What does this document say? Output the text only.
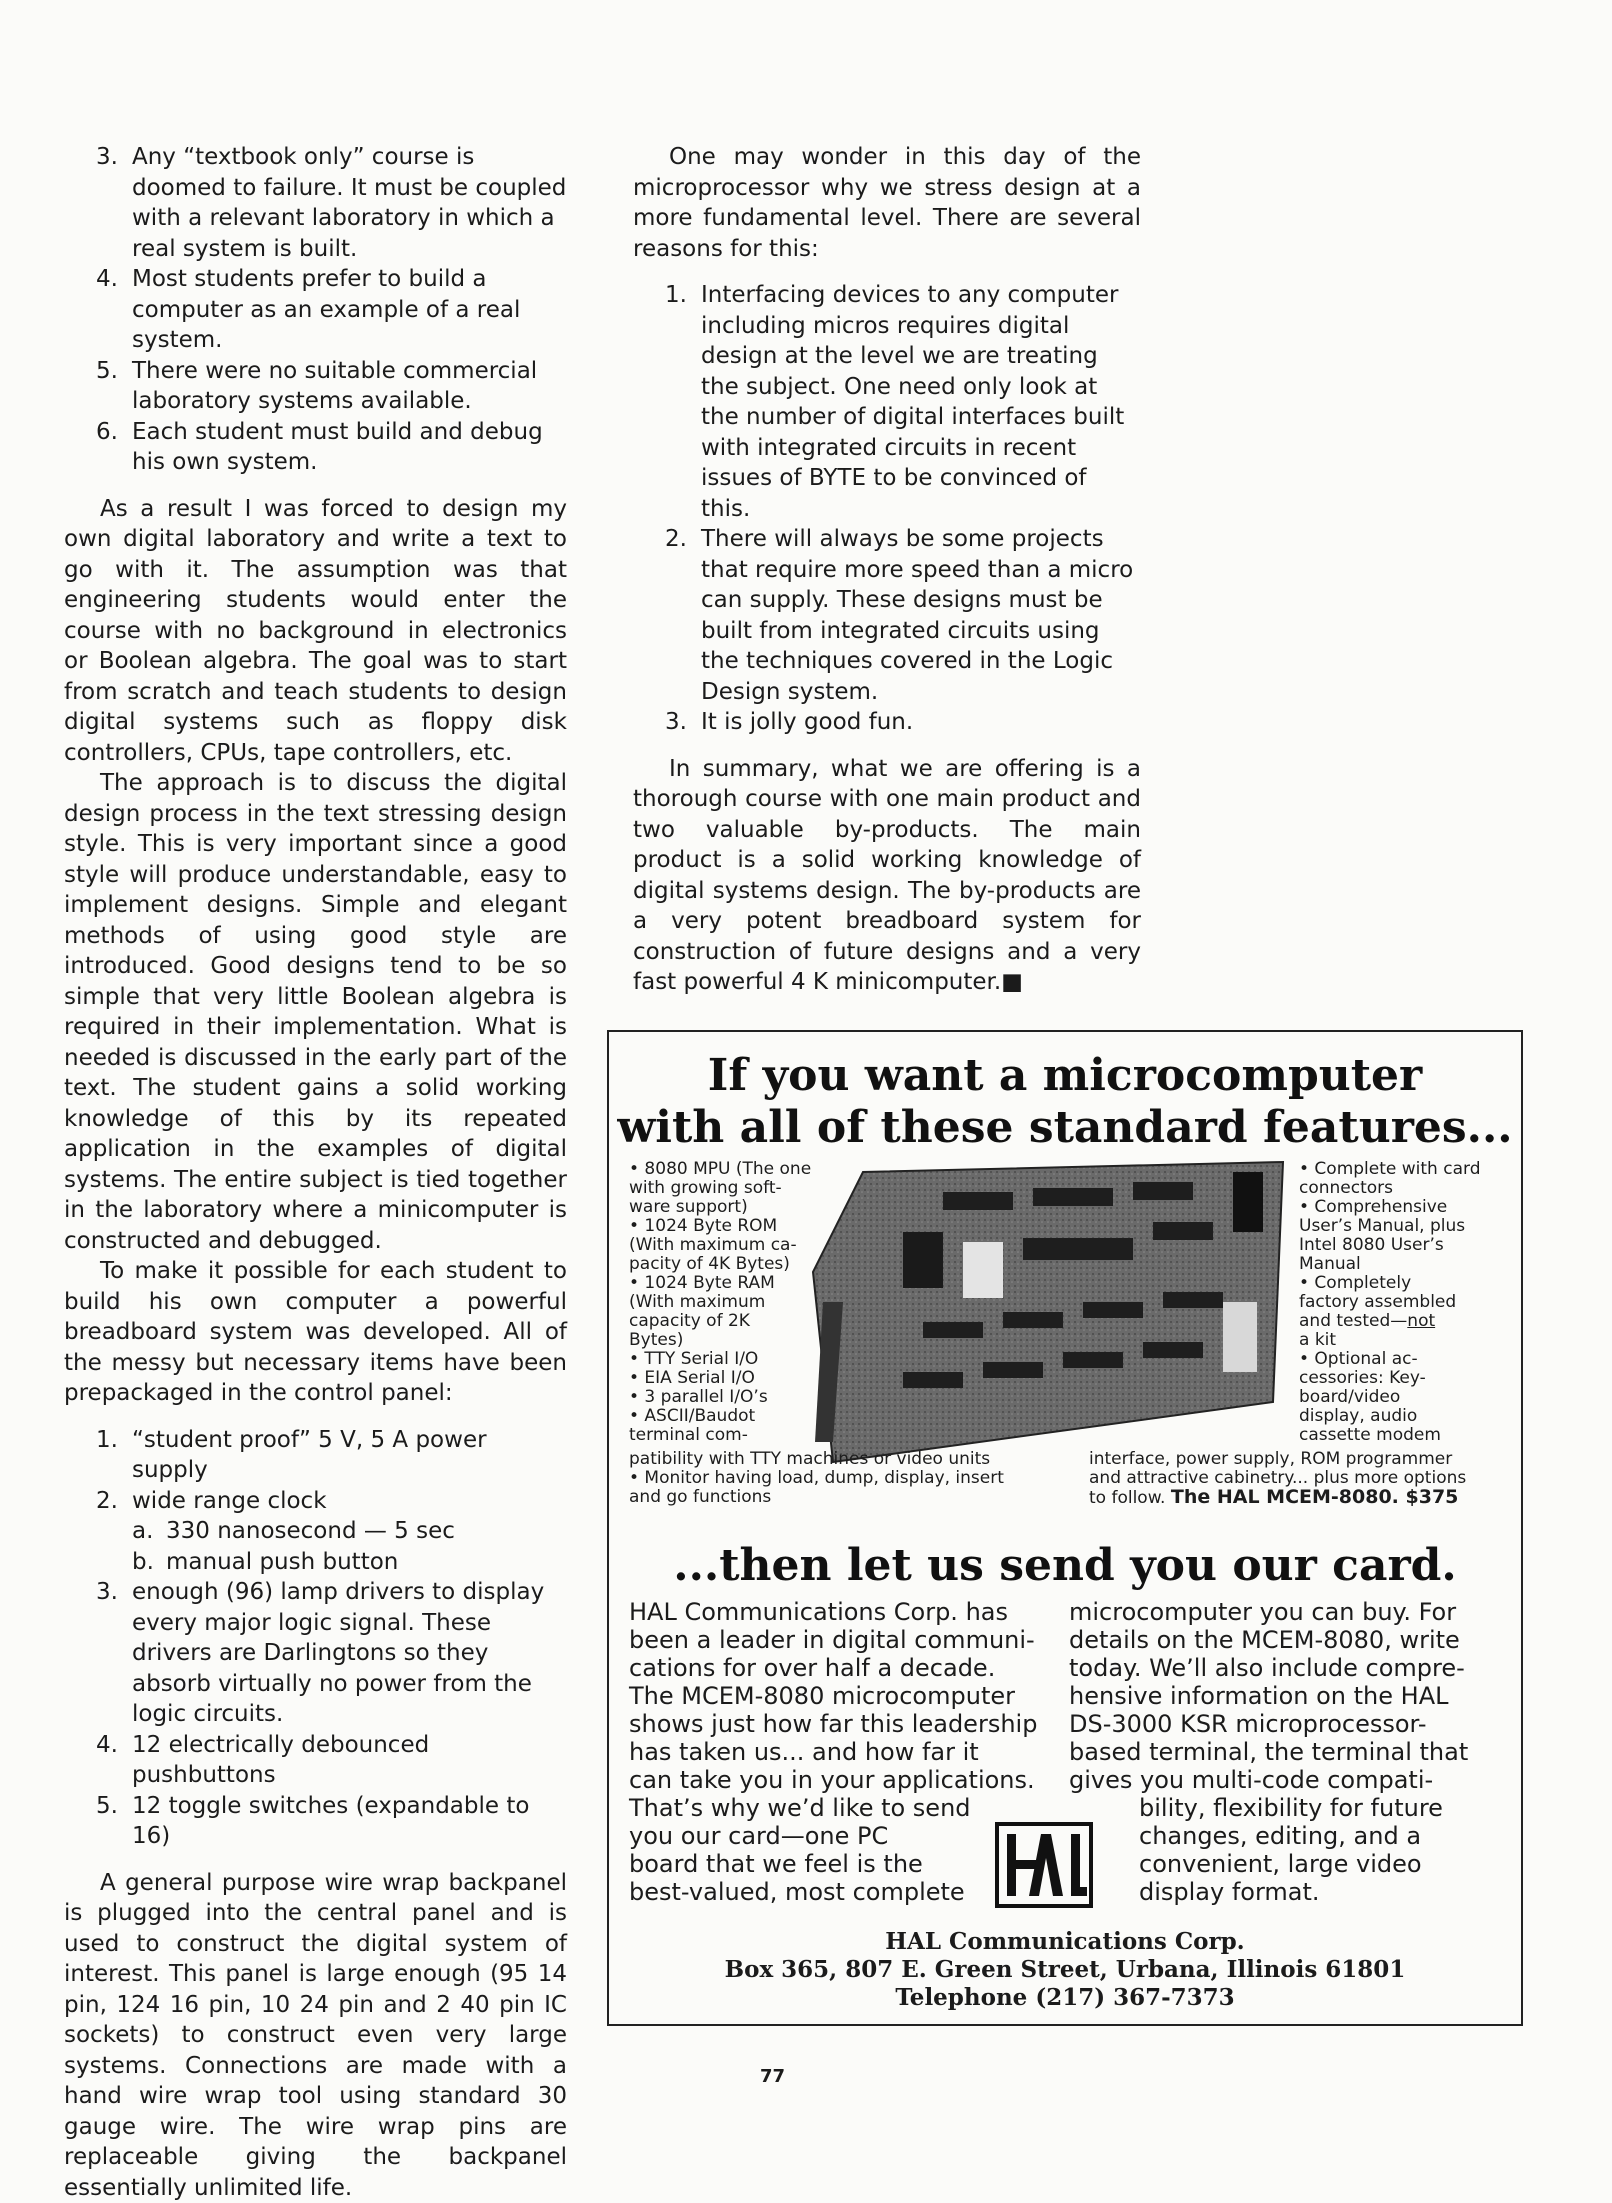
3. Any “textbook only” course is doomed to failure. It must be coupled with a relevant laboratory in which a real system is built.
4. Most students prefer to build a computer as an example of a real system.
5. There were no suitable commercial laboratory systems available.
6. Each student must build and debug his own system.

As a result I was forced to design my own digital laboratory and write a text to go with it. The assumption was that engineering students would enter the course with no background in electronics or Boolean algebra. The goal was to start from scratch and teach students to design digital systems such as floppy disk controllers, CPUs, tape controllers, etc.

The approach is to discuss the digital design process in the text stressing design style. This is very important since a good style will produce understandable, easy to implement designs. Simple and elegant methods of using good style are introduced. Good designs tend to be so simple that very little Boolean algebra is required in their implementation. What is needed is discussed in the early part of the text. The student gains a solid working knowledge of this by its repeated application in the examples of digital systems. The entire subject is tied together in the laboratory where a minicomputer is constructed and debugged.

To make it possible for each student to build his own computer a powerful breadboard system was developed. All of the messy but necessary items have been prepackaged in the control panel:

1. “student proof” 5 V, 5 A power supply
2. wide range clock
a. 330 nanosecond — 5 sec
b. manual push button
3. enough (96) lamp drivers to display every major logic signal. These drivers are Darlingtons so they absorb virtually no power from the logic circuits.
4. 12 electrically debounced pushbuttons
5. 12 toggle switches (expandable to 16)

A general purpose wire wrap backpanel is plugged into the central panel and is used to construct the digital system of interest. This panel is large enough (95 14 pin, 124 16 pin, 10 24 pin and 2 40 pin IC sockets) to construct even very large systems. Connections are made with a hand wire wrap tool using standard 30 gauge wire. The wire wrap pins are replaceable giving the backpanel essentially unlimited life.

One may wonder in this day of the microprocessor why we stress design at a more fundamental level. There are several reasons for this:

1. Interfacing devices to any computer including micros requires digital design at the level we are treating the subject. One need only look at the number of digital interfaces built with integrated circuits in recent issues of BYTE to be convinced of this.
2. There will always be some projects that require more speed than a micro can supply. These designs must be built from integrated circuits using the techniques covered in the Logic Design system.
3. It is jolly good fun.

In summary, what we are offering is a thorough course with one main product and two valuable by-products. The main product is a solid working knowledge of digital systems design. The by-products are a very potent breadboard system for construction of future designs and a very fast powerful 4 K minicomputer.■

If you want a microcomputer
with all of these standard features...
• 8080 MPU (The one
with growing soft-
ware support)
• 1024 Byte ROM
(With maximum ca-
pacity of 4K Bytes)
• 1024 Byte RAM
(With maximum
capacity of 2K
Bytes)
• TTY Serial I/O
• EIA Serial I/O
• 3 parallel I/O’s
• ASCII/Baudot
terminal com-
• Complete with card
connectors
• Comprehensive
User’s Manual, plus
Intel 8080 User’s
Manual
• Completely
factory assembled
and tested—not
a kit
• Optional ac-
cessories: Key-
board/video
display, audio
cassette modem
patibility with TTY machines or video units
• Monitor having load, dump, display, insert
and go functions
interface, power supply, ROM programmer
and attractive cabinetry... plus more options
to follow. The HAL MCEM-8080. $375
...then let us send you our card.
HAL Communications Corp. has
been a leader in digital communi-
cations for over half a decade.
The MCEM-8080 microcomputer
shows just how far this leadership
has taken us... and how far it
can take you in your applications.
That’s why we’d like to send
you our card—one PC
board that we feel is the
best-valued, most complete
microcomputer you can buy. For
details on the MCEM-8080, write
today. We’ll also include compre-
hensive information on the HAL
DS-3000 KSR microprocessor-
based terminal, the terminal that
gives you multi-code compati-
bility, flexibility for future
changes, editing, and a
convenient, large video
display format.
HAL Communications Corp.
Box 365, 807 E. Green Street, Urbana, Illinois 61801
Telephone (217) 367-7373
77
